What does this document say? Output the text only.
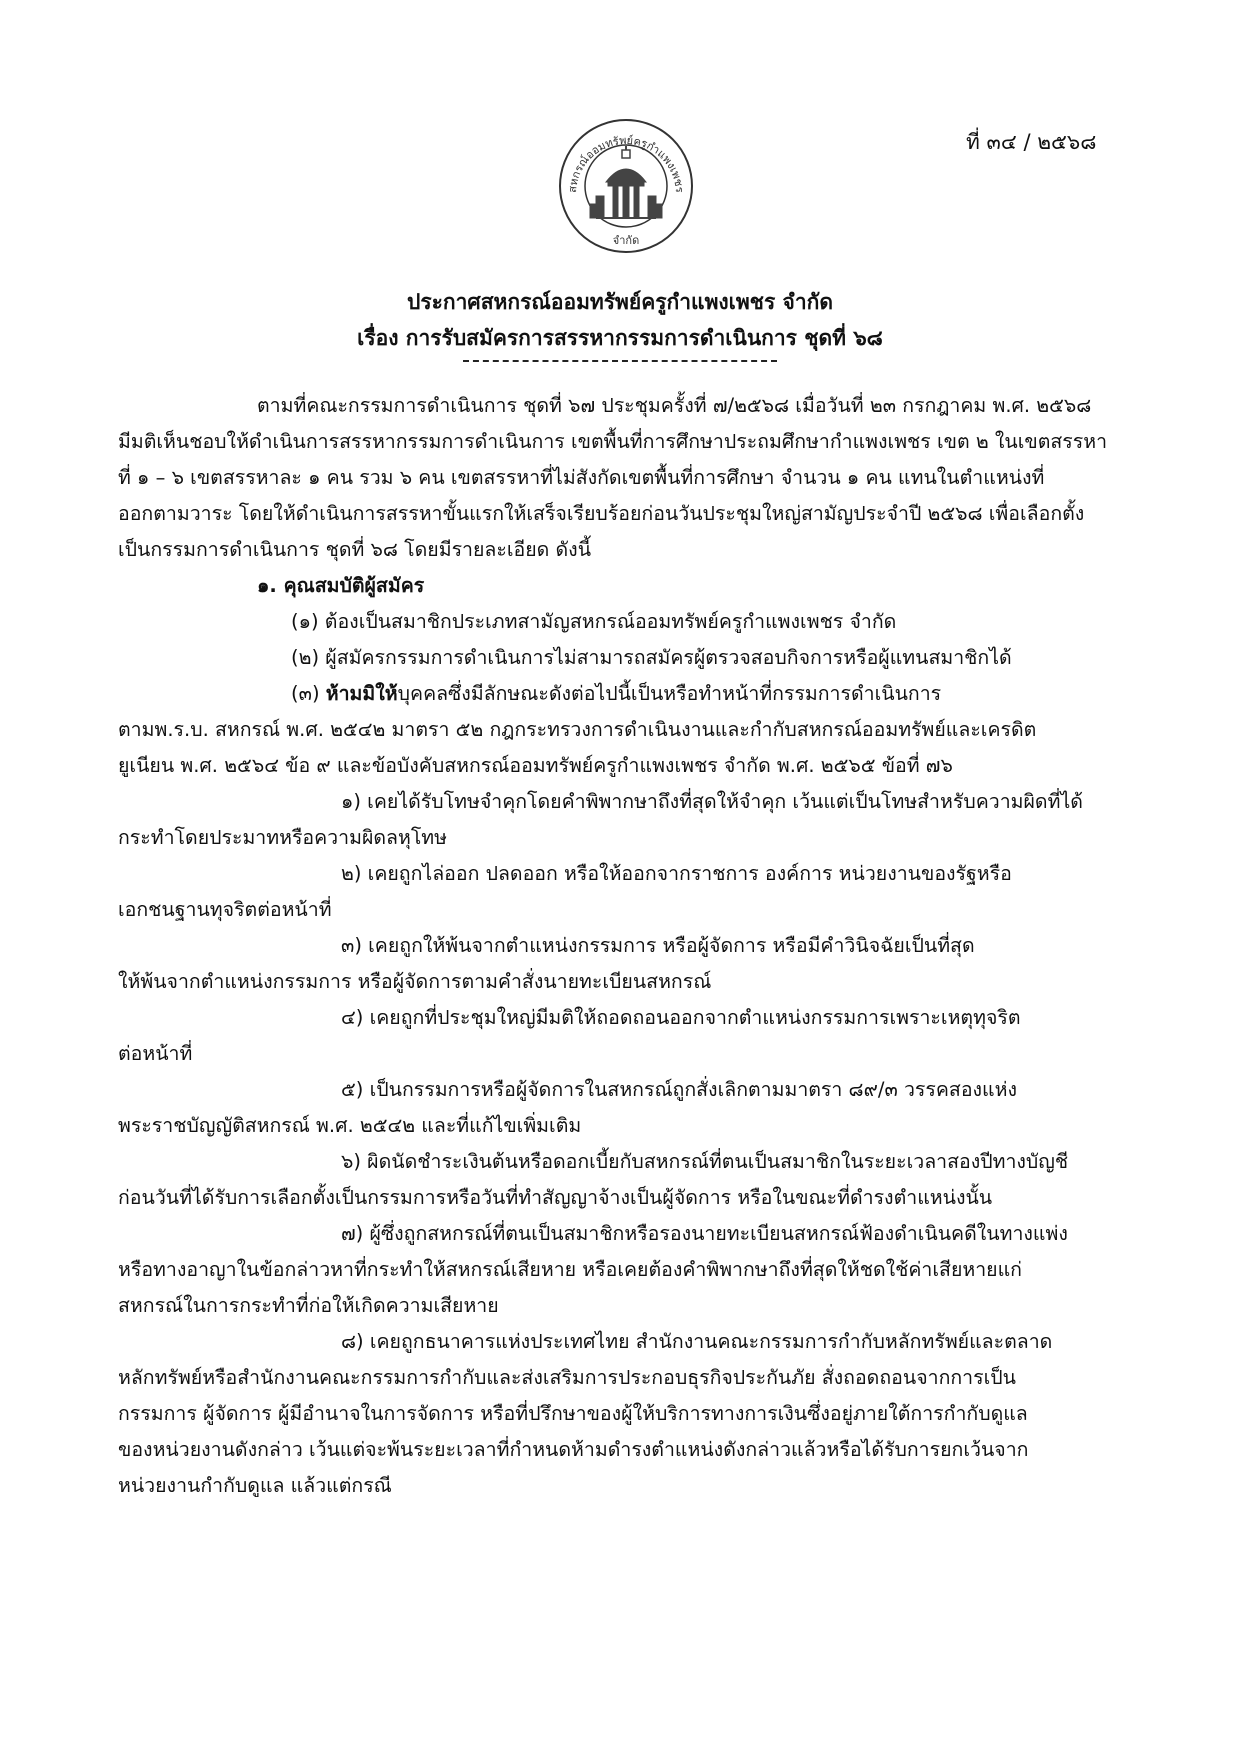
ที่ ๓๔ / ๒๕๖๘
สหกรณ์ออมทรัพย์ครูกำแพงเพชร
จำกัด
ประกาศสหกรณ์ออมทรัพย์ครูกำแพงเพชร จำกัด
เรื่อง การรับสมัครการสรรหากรรมการดำเนินการ ชุดที่ ๖๘
ตามที่คณะกรรมการดำเนินการ ชุดที่ ๖๗ ประชุมครั้งที่ ๗/๒๕๖๘ เมื่อวันที่ ๒๓ กรกฎาคม พ.ศ. ๒๕๖๘
มีมติเห็นชอบให้ดำเนินการสรรหากรรมการดำเนินการ เขตพื้นที่การศึกษาประถมศึกษากำแพงเพชร เขต ๒ ในเขตสรรหา
ที่ ๑ – ๖ เขตสรรหาละ ๑ คน รวม ๖ คน เขตสรรหาที่ไม่สังกัดเขตพื้นที่การศึกษา จำนวน ๑ คน แทนในตำแหน่งที่
ออกตามวาระ โดยให้ดำเนินการสรรหาขั้นแรกให้เสร็จเรียบร้อยก่อนวันประชุมใหญ่สามัญประจำปี ๒๕๖๘ เพื่อเลือกตั้ง
เป็นกรรมการดำเนินการ ชุดที่ ๖๘ โดยมีรายละเอียด ดังนี้
๑. คุณสมบัติผู้สมัคร
(๑) ต้องเป็นสมาชิกประเภทสามัญสหกรณ์ออมทรัพย์ครูกำแพงเพชร จำกัด
(๒) ผู้สมัครกรรมการดำเนินการไม่สามารถสมัครผู้ตรวจสอบกิจการหรือผู้แทนสมาชิกได้
(๓) ห้ามมิให้บุคคลซึ่งมีลักษณะดังต่อไปนี้เป็นหรือทำหน้าที่กรรมการดำเนินการ
ตามพ.ร.บ. สหกรณ์ พ.ศ. ๒๕๔๒ มาตรา ๕๒ กฎกระทรวงการดำเนินงานและกำกับสหกรณ์ออมทรัพย์และเครดิต
ยูเนียน พ.ศ. ๒๕๖๔ ข้อ ๙ และข้อบังคับสหกรณ์ออมทรัพย์ครูกำแพงเพชร จำกัด พ.ศ. ๒๕๖๕ ข้อที่ ๗๖
๑) เคยได้รับโทษจำคุกโดยคำพิพากษาถึงที่สุดให้จำคุก เว้นแต่เป็นโทษสำหรับความผิดที่ได้
กระทำโดยประมาทหรือความผิดลหุโทษ
๒) เคยถูกไล่ออก ปลดออก หรือให้ออกจากราชการ องค์การ หน่วยงานของรัฐหรือ
เอกชนฐานทุจริตต่อหน้าที่
๓) เคยถูกให้พ้นจากตำแหน่งกรรมการ หรือผู้จัดการ หรือมีคำวินิจฉัยเป็นที่สุด
ให้พ้นจากตำแหน่งกรรมการ หรือผู้จัดการตามคำสั่งนายทะเบียนสหกรณ์
๔) เคยถูกที่ประชุมใหญ่มีมติให้ถอดถอนออกจากตำแหน่งกรรมการเพราะเหตุทุจริต
ต่อหน้าที่
๕) เป็นกรรมการหรือผู้จัดการในสหกรณ์ถูกสั่งเลิกตามมาตรา ๘๙/๓ วรรคสองแห่ง
พระราชบัญญัติสหกรณ์ พ.ศ. ๒๕๔๒ และที่แก้ไขเพิ่มเติม
๖) ผิดนัดชำระเงินต้นหรือดอกเบี้ยกับสหกรณ์ที่ตนเป็นสมาชิกในระยะเวลาสองปีทางบัญชี
ก่อนวันที่ได้รับการเลือกตั้งเป็นกรรมการหรือวันที่ทำสัญญาจ้างเป็นผู้จัดการ หรือในขณะที่ดำรงตำแหน่งนั้น
๗) ผู้ซึ่งถูกสหกรณ์ที่ตนเป็นสมาชิกหรือรองนายทะเบียนสหกรณ์ฟ้องดำเนินคดีในทางแพ่ง
หรือทางอาญาในข้อกล่าวหาที่กระทำให้สหกรณ์เสียหาย หรือเคยต้องคำพิพากษาถึงที่สุดให้ชดใช้ค่าเสียหายแก่
สหกรณ์ในการกระทำที่ก่อให้เกิดความเสียหาย
๘) เคยถูกธนาคารแห่งประเทศไทย สำนักงานคณะกรรมการกำกับหลักทรัพย์และตลาด
หลักทรัพย์หรือสำนักงานคณะกรรมการกำกับและส่งเสริมการประกอบธุรกิจประกันภัย สั่งถอดถอนจากการเป็น
กรรมการ ผู้จัดการ ผู้มีอำนาจในการจัดการ หรือที่ปรึกษาของผู้ให้บริการทางการเงินซึ่งอยู่ภายใต้การกำกับดูแล
ของหน่วยงานดังกล่าว เว้นแต่จะพ้นระยะเวลาที่กำหนดห้ามดำรงตำแหน่งดังกล่าวแล้วหรือได้รับการยกเว้นจาก
หน่วยงานกำกับดูแล แล้วแต่กรณี
